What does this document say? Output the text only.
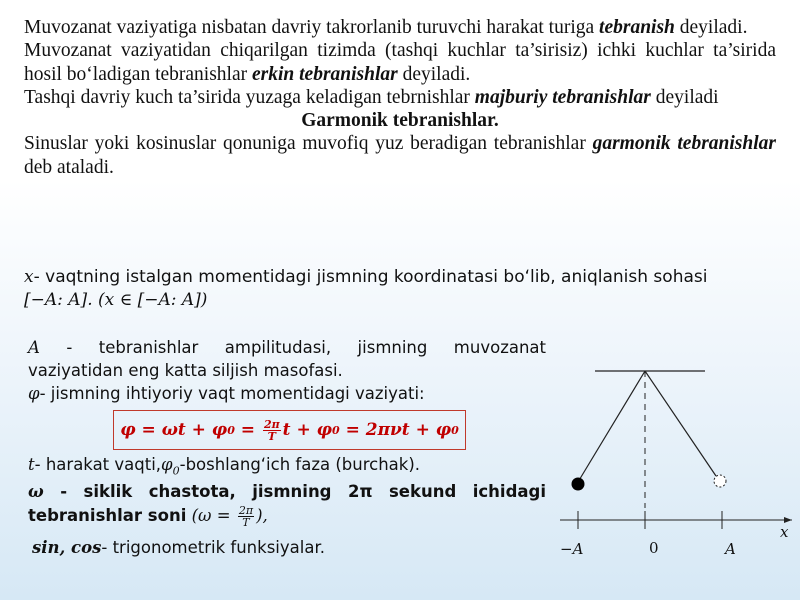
Muvozanat vaziyatiga nisbatan davriy takrorlanib turuvchi harakat turiga tebranish deyiladi.

Muvozanat vaziyatidan chiqarilgan tizimda (tashqi kuchlar ta’sirisiz) ichki kuchlar ta’sirida hosil bo‘ladigan tebranishlar erkin tebranishlar deyiladi.

Tashqi davriy kuch ta’sirida yuzaga keladigan tebrnishlar majburiy tebranishlar deyiladi

Garmonik tebranishlar.

Sinuslar yoki kosinuslar qonuniga muvofiq yuz beradigan tebranishlar garmonik tebranishlar deb ataladi.

x- vaqtning istalgan momentidagi jismning koordinatasi bo‘lib, aniqlanish sohasi
[−A: A]. (x ∈ [−A: A])
A - tebranishlar ampilitudasi, jismning muvozanat
vaziyatidan eng katta siljish masofasi.
φ- jismning ihtiyoriy vaqt momentidagi vaziyati:
φ = ωt + φ $0 = \frac{2\pi}{T}$ t + φ 0 = 2πνt + φ 0
t- harakat $vaqti,\varphi_0-boshlang‘ich$ faza (burchak).
ω - siklik chastota, jismning 2π sekund ichidagi
tebranishlar soni ($\omega = \frac{2\pi}{T}$ ),
sin, cos- trigonometrik funksiyalar.	−A	0	A
x
